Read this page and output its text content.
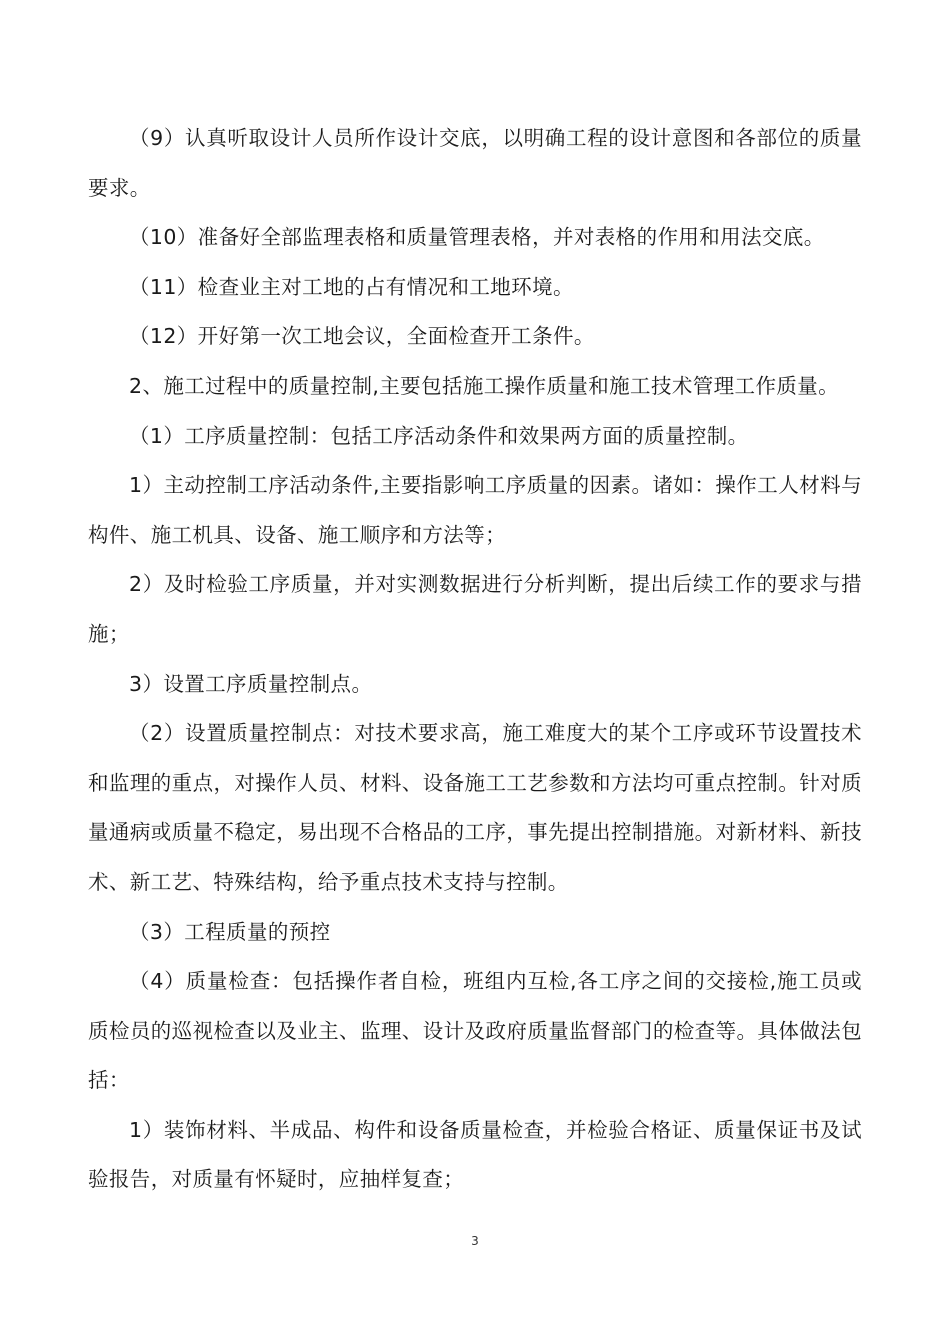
（9）认真听取设计人员所作设计交底，以明确工程的设计意图和各部位的质量要求。

（10）准备好全部监理表格和质量管理表格，并对表格的作用和用法交底。

（11）检查业主对工地的占有情况和工地环境。

（12）开好第一次工地会议，全面检查开工条件。

2、施工过程中的质量控制,主要包括施工操作质量和施工技术管理工作质量。

（1）工序质量控制：包括工序活动条件和效果两方面的质量控制。

1）主动控制工序活动条件,主要指影响工序质量的因素。诸如：操作工人材料与构件、施工机具、设备、施工顺序和方法等；

2）及时检验工序质量，并对实测数据进行分析判断，提出后续工作的要求与措施；

3）设置工序质量控制点。

（2）设置质量控制点：对技术要求高，施工难度大的某个工序或环节设置技术和监理的重点，对操作人员、材料、设备施工工艺参数和方法均可重点控制。针对质量通病或质量不稳定，易出现不合格品的工序，事先提出控制措施。对新材料、新技术、新工艺、特殊结构，给予重点技术支持与控制。

（3）工程质量的预控

（4）质量检查：包括操作者自检，班组内互检,各工序之间的交接检,施工员或质检员的巡视检查以及业主、监理、设计及政府质量监督部门的检查等。具体做法包括：

1）装饰材料、半成品、构件和设备质量检查，并检验合格证、质量保证书及试验报告，对质量有怀疑时，应抽样复查；

3
